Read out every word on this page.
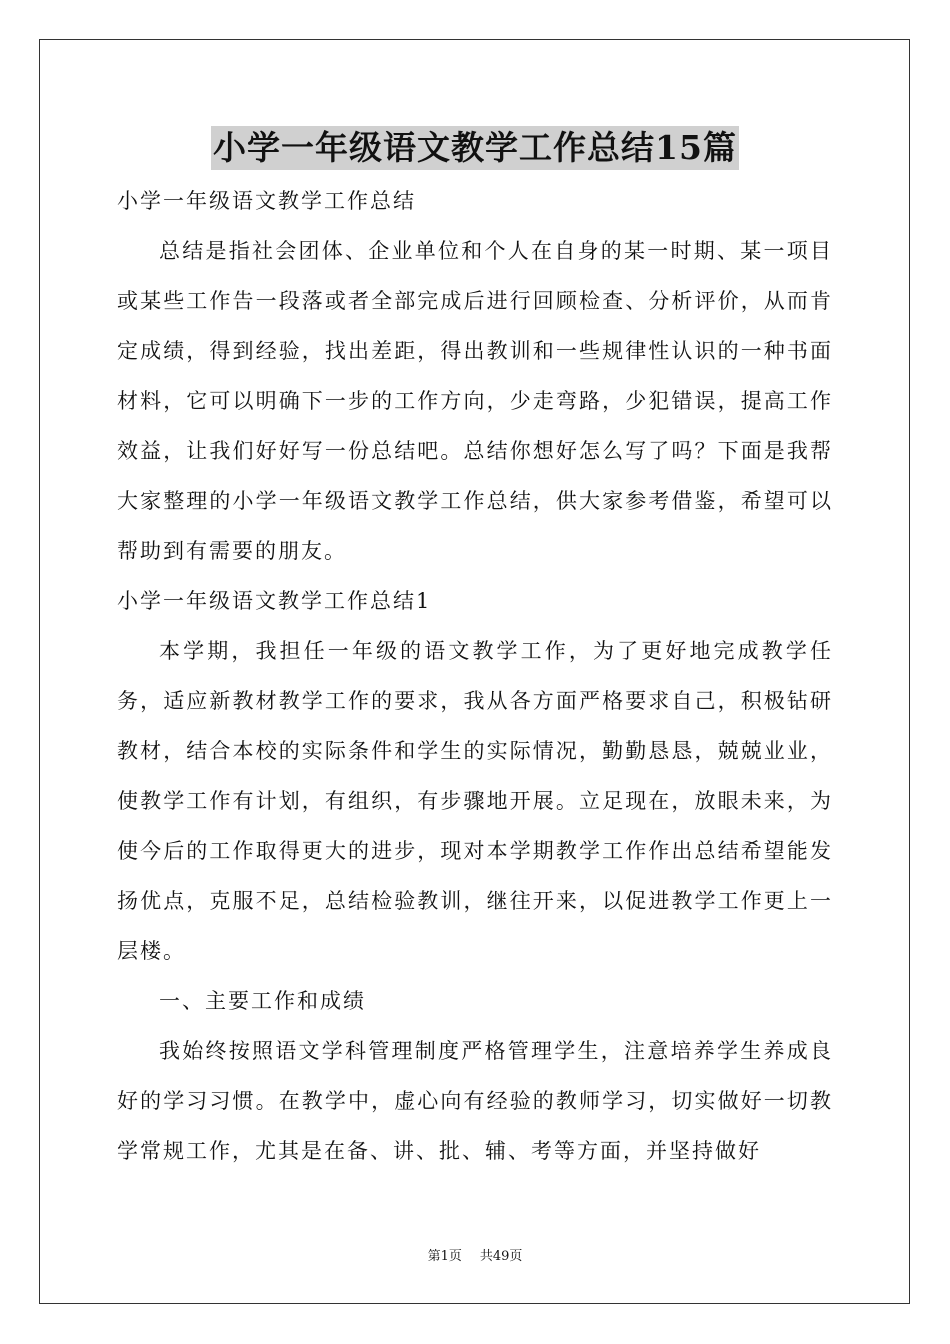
小学一年级语文教学工作总结15篇
小学一年级语文教学工作总结

总结是指社会团体、企业单位和个人在自身的某一时期、某一项目或某些工作告一段落或者全部完成后进行回顾检查、分析评价，从而肯定成绩，得到经验，找出差距，得出教训和一些规律性认识的一种书面材料，它可以明确下一步的工作方向，少走弯路，少犯错误，提高工作效益，让我们好好写一份总结吧。总结你想好怎么写了吗？下面是我帮大家整理的小学一年级语文教学工作总结，供大家参考借鉴，希望可以帮助到有需要的朋友。

小学一年级语文教学工作总结1

本学期，我担任一年级的语文教学工作，为了更好地完成教学任务，适应新教材教学工作的要求，我从各方面严格要求自己，积极钻研教材，结合本校的实际条件和学生的实际情况，勤勤恳恳，兢兢业业，使教学工作有计划，有组织，有步骤地开展。立足现在，放眼未来，为使今后的工作取得更大的进步，现对本学期教学工作作出总结希望能发扬优点，克服不足，总结检验教训，继往开来，以促进教学工作更上一层楼。

一、主要工作和成绩

我始终按照语文学科管理制度严格管理学生，注意培养学生养成良好的学习习惯。在教学中，虚心向有经验的教师学习，切实做好一切教学常规工作，尤其是在备、讲、批、辅、考等方面，并坚持做好

第1页 共49页
